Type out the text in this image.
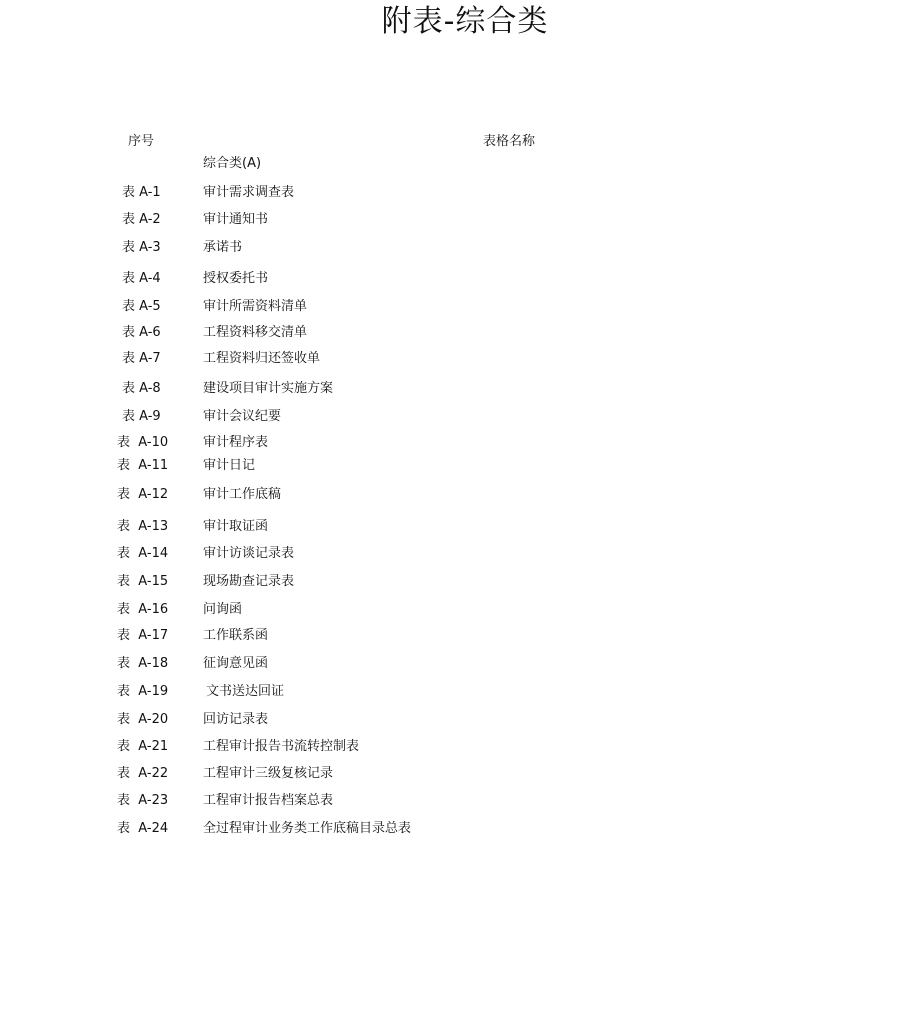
附表-综合类
序号	表格名称
综合类(A)
表 A-1	审计需求调查表
表 A-2	审计通知书
表 A-3	承诺书
表 A-4	授权委托书
表 A-5	审计所需资料清单
表 A-6	工程资料移交清单
表 A-7	工程资料归还签收单
表 A-8	建设项目审计实施方案
表 A-9	审计会议纪要
表  A-10	审计程序表
表  A-11	审计日记
表  A-12	审计工作底稿
表  A-13	审计取证函
表  A-14	审计访谈记录表
表  A-15	现场勘查记录表
表  A-16	问询函
表  A-17	工作联系函
表  A-18	征询意见函
表  A-19	文书送达回证
表  A-20	回访记录表
表  A-21	工程审计报告书流转控制表
表  A-22	工程审计三级复核记录
表  A-23	工程审计报告档案总表
表  A-24	全过程审计业务类工作底稿目录总表
